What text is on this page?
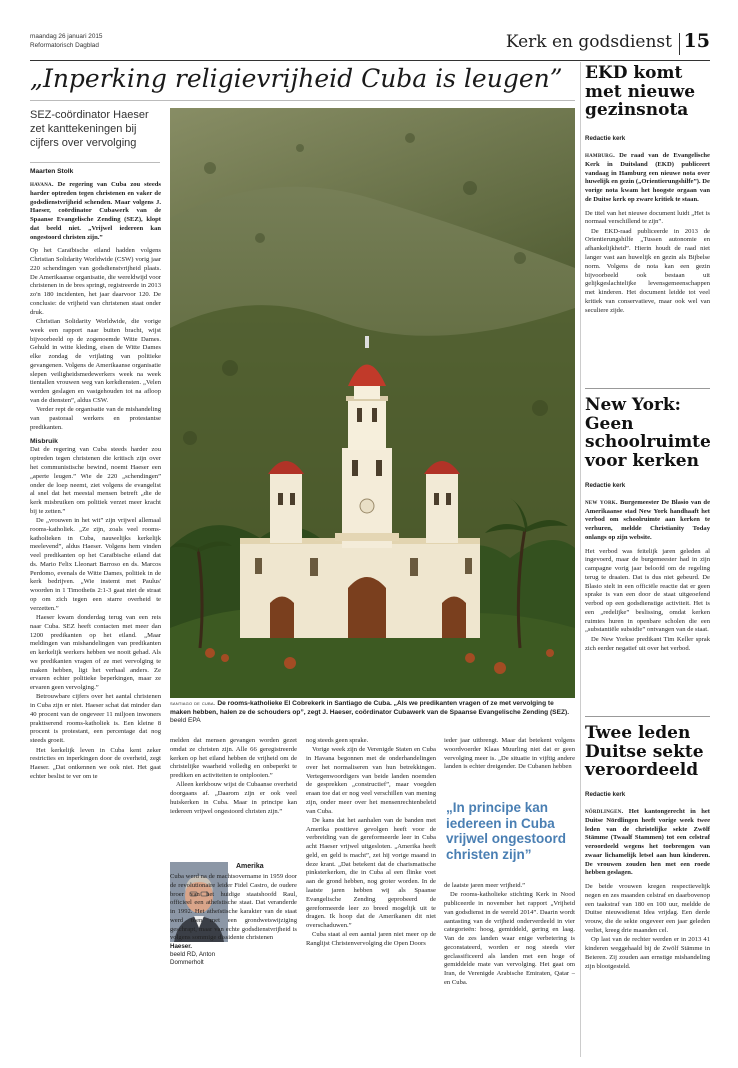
maandag 26 januari 2015
Reformatorisch Dagblad	Kerk en godsdienst 15
„Inperking religievrijheid Cuba is leugen”
SEZ-coördinator Haeser zet kanttekeningen bij cijfers over vervolging
Maarten Stolk

havana. De regering van Cuba zou steeds harder optreden tegen christenen en vaker de godsdienstvrijheid schenden. Maar volgens J. Haeser, coördinator Cubawerk van de Spaanse Evangelische Zending (SEZ), klopt dat beeld niet. „Vrijwel iedereen kan ongestoord christen zijn.”

Op het Caraïbische eiland hadden volgens Christian Solidarity Worldwide (CSW) vorig jaar 220 schendingen van godsdienstvrijheid plaats. De Amerikaanse organisatie, die wereldwijd voor christenen in de bres springt, registreerde in 2013 zo'n 180 incidenten, het jaar daarvoor 120. De conclusie: de vrijheid van christenen staat onder druk.

Christian Solidarity Worldwide, die vorige week een rapport naar buiten bracht, wijst bijvoorbeeld op de zogenoemde Witte Dames. Gehuld in witte kleding, eisen de Witte Dames elke zondag de vrijlating van politieke gevangenen. Volgens de Amerikaanse organisatie slepen veiligheidsmedewerkers week na week tientallen vrouwen weg van kerkdiensten. „Velen werden geslagen en vastgehouden tot na afloop van de diensten”, aldus CSW.

Verder rept de organisatie van de mishandeling van pastoraal werkers en protestantse predikanten.

Misbruik

Dat de regering van Cuba steeds harder zou optreden tegen christenen die kritisch zijn over het communistische bewind, noemt Haeser een „aperte leugen.” Wie de 220 „schendingen” onder de loep neemt, ziet volgens de evangelist al snel dat het meestal mensen betreft „die de kerk misbruiken om politiek verzet meer kracht bij te zetten.”

De „vrouwen in het wit” zijn vrijwel allemaal rooms-katholiek. „Ze zijn, zoals veel rooms-katholieken in Cuba, nauwelijks kerkelijk meelevend”, aldus Haeser. Volgens hem vinden veel predikanten op het Caraïbische eiland dat ds. Mario Felix Lleonart Barroso en ds. Marcos Perdomo, evenals de Witte Dames, politiek in de kerk bedrijven. „Wie instemt met Paulus' woorden in 1 Timotheüs 2:1-3 gaat niet de straat op om zich tegen een starre overheid te verzetten.”

Haeser kwam donderdag terug van een reis naar Cuba. SEZ heeft contacten met meer dan 1200 predikanten op het eiland. „Maar meldingen van mishandelingen van predikanten en kerkelijk werkers hebben we nooit gehad. Als we predikanten vragen of ze met vervolging te maken hebben, ligt het verhaal anders. Ze ervaren echter politieke beperkingen, maar ze ervaren geen vervolging.”

Betrouwbare cijfers over het aantal christenen in Cuba zijn er niet. Haeser schat dat minder dan 40 procent van de ongeveer 11 miljoen inwoners praktiserend rooms-katholiek is. Een kleine 8 procent is protestant, een percentage dat nog steeds groeit.

Het kerkelijk leven in Cuba kent zeker restricties en inperkingen door de overheid, zegt Haeser. „Dat ontkennen we ook niet. Het gaat echter beslist te ver om te

santiago de cuba. De rooms-katholieke El Cobrekerk in Santiago de Cuba. „Als we predikanten vragen of ze met vervolging te maken hebben, halen ze de schouders op”, zegt J. Haeser, coördinator Cubawerk van de Spaanse Evangelische Zending (SEZ). beeld EPA

melden dat mensen gevangen worden gezet omdat ze christen zijn. Alle 66 geregistreerde kerken op het eiland hebben de vrijheid om de christelijke waarheid volledig en onbeperkt te prediken en activiteiten te ontplooien.”

Alleen kerkbouw wijst de Cubaanse overheid doorgaans af. „Daarom zijn er ook veel huiskerken in Cuba. Maar in principe kan iedereen vrijwel ongestoord christen zijn.”

Haeser.
beeld RD, Anton Dommerholt
Amerika

Cuba werd na de machtsovername in 1959 door de revolutionaire leider Fidel Castro, de oudere broer van het huidige staatshoofd Raul, officieel een atheïstische staat. Dat veranderde in 1992. Het atheïstische karakter van de staat werd toen met een grondwetswijziging geschrapt, maar van echte godsdienstvrijheid is volgens sommige dissidente christenen

nog steeds geen sprake.

Vorige week zijn de Verenigde Staten en Cuba in Havana begonnen met de onderhandelingen over het normaliseren van hun betrekkingen. Vertegenwoordigers van beide landen noemden de gesprekken „constructief”, maar voegden eraan toe dat er nog veel verschillen van mening zijn, onder meer over het mensenrechtenbeleid van Cuba.

De kans dat het aanhalen van de banden met Amerika positieve gevolgen heeft voor de verbreiding van de gereformeerde leer in Cuba acht Haeser vrijwel uitgesloten. „Amerika heeft geld, en geld is macht”, zei hij vorige maand in deze krant. „Dat betekent dat de charismatische pinksterkerken, die in Cuba al een flinke voet aan de grond hebben, nog groter worden. In de laatste jaren hebben wij als Spaanse Evangelische Zending geprobeerd de gereformeerde leer zo breed mogelijk uit te dragen. Ik hoop dat de Amerikanen dit niet overschaduwen.”

Cuba staat al een aantal jaren niet meer op de Ranglijst Christenvervolging die Open Doors

ieder jaar uitbrengt. Maar dat betekent volgens woordvoerder Klaas Muurling niet dat er geen vervolging meer is. „De situatie in vijftig andere landen is echter dreigender. De Cubanen hebben

„In principe kan iedereen in Cuba vrijwel ongestoord christen zijn”

de laatste jaren meer vrijheid.”

De rooms-katholieke stichting Kerk in Nood publiceerde in november het rapport „Vrijheid van godsdienst in de wereld 2014”. Daarin wordt aantasting van de vrijheid onderverdeeld in vier categorieën: hoog, gemiddeld, gering en laag. Van de zes landen waar enige verbetering is geconstateerd, worden er nog steeds vier geclassificeerd als landen met een hoge of gemiddelde mate van vervolging. Het gaat om Iran, de Verenigde Arabische Emiraten, Qatar – en Cuba.

EKD komt met nieuwe gezinsnota
Redactie kerk

hamburg. De raad van de Evangelische Kerk in Duitsland (EKD) publiceert vandaag in Hamburg een nieuwe nota over huwelijk en gezin („Orientierungshilfe”). De vorige nota kwam het hoogste orgaan van de Duitse kerk op zware kritiek te staan.

De titel van het nieuwe document luidt „Het is normaal verschillend te zijn”.

De EKD-raad publiceerde in 2013 de Orientierungshilfe „Tussen autonomie en afhankelijkheid”. Hierin houdt de raad niet langer vast aan huwelijk en gezin als Bijbelse norm. Volgens de nota kan een gezin bijvoorbeeld ook bestaan uit gelijkgeslachtelijke levensgemeenschappen met kinderen. Het document leidde tot veel kritiek van conservatieve, maar ook wel van seculiere zijde.

New York: Geen schoolruimte voor kerken
Redactie kerk

new york. Burgemeester De Blasio van de Amerikaanse stad New York handhaaft het verbod om schoolruimte aan kerken te verhuren, meldde Christianity Today onlangs op zijn website.

Het verbod was feitelijk jaren geleden al ingevoerd, maar de burgemeester had in zijn campagne vorig jaar beloofd om de regeling terug te draaien. Dat is dus niet gebeurd. De Blasio stelt in een officiële reactie dat er geen sprake is van een door de staat uitgeoefend verbod op een godsdienstige activiteit. Het is een „redelijke” beslissing, omdat kerken ruimtes huren in openbare scholen die een „substantiële subsidie” ontvangen van de staat.

De New Yorkse predikant Tim Keller sprak zich eerder negatief uit over het verbod.

Twee leden Duitse sekte veroordeeld
Redactie kerk

nördlingen. Het kantongerecht in het Duitse Nördlingen heeft vorige week twee leden van de christelijke sekte Zwölf Stämme (Twaalf Stammen) tot een celstraf veroordeeld wegens het toebrengen van zwaar lichamelijk letsel aan hun kinderen. De vrouwen zouden hen met een roede hebben geslagen.

De beide vrouwen kregen respectievelijk negen en zes maanden celstraf en daarbovenop een taakstraf van 180 en 100 uur, meldde de Duitse nieuwsdienst Idea vrijdag. Een derde vrouw, die de sekte ongeveer een jaar geleden verliet, kreeg drie maanden cel.

Op last van de rechter werden er in 2013 41 kinderen weggehaald bij de Zwölf Stämme in Beieren. Zij zouden aan ernstige mishandeling zijn blootgesteld.
